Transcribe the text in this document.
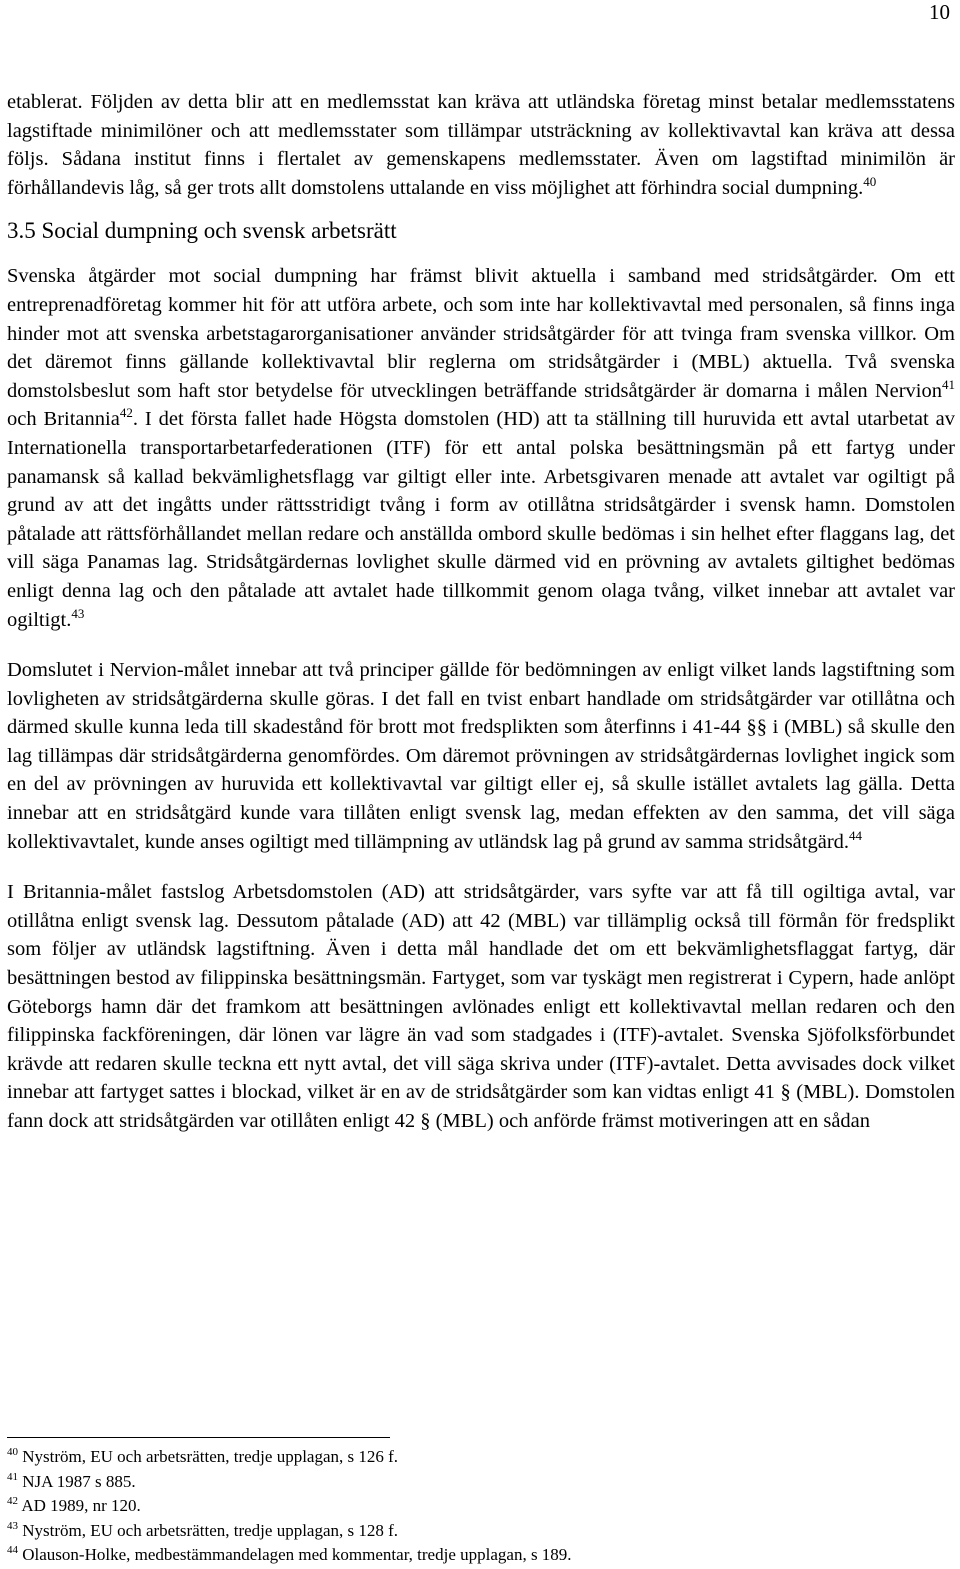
10

etablerat. Följden av detta blir att en medlemsstat kan kräva att utländska företag minst betalar medlemsstatens lagstiftade minimilöner och att medlemsstater som tillämpar utsträckning av kollektivavtal kan kräva att dessa följs. Sådana institut finns i flertalet av gemenskapens medlemsstater. Även om lagstiftad minimilön är förhållandevis låg, så ger trots allt domstolens uttalande en viss möjlighet att förhindra social dumpning.$^{40}$

3.5 Social dumpning och svensk arbetsrätt

Svenska åtgärder mot social dumpning har främst blivit aktuella i samband med stridsåtgärder. Om ett entreprenadföretag kommer hit för att utföra arbete, och som inte har kollektivavtal med personalen, så finns inga hinder mot att svenska arbetstagarorganisationer använder stridsåtgärder för att tvinga fram svenska villkor. Om det däremot finns gällande kollektivavtal blir reglerna om stridsåtgärder i (MBL) aktuella. Två svenska domstolsbeslut som haft stor betydelse för utvecklingen beträffande stridsåtgärder är domarna i målen Nervion$^{41}$ och Britannia$^{42}$. I det första fallet hade Högsta domstolen (HD) att ta ställning till huruvida ett avtal utarbetat av Internationella transportarbetarfederationen (ITF) för ett antal polska besättningsmän på ett fartyg under panamansk så kallad bekvämlighetsflagg var giltigt eller inte. Arbetsgivaren menade att avtalet var ogiltigt på grund av att det ingåtts under rättsstridigt tvång i form av otillåtna stridsåtgärder i svensk hamn. Domstolen påtalade att rättsförhållandet mellan redare och anställda ombord skulle bedömas i sin helhet efter flaggans lag, det vill säga Panamas lag. Stridsåtgärdernas lovlighet skulle därmed vid en prövning av avtalets giltighet bedömas enligt denna lag och den påtalade att avtalet hade tillkommit genom olaga tvång, vilket innebar att avtalet var ogiltigt.$^{43}$

Domslutet i Nervion-målet innebar att två principer gällde för bedömningen av enligt vilket lands lagstiftning som lovligheten av stridsåtgärderna skulle göras. I det fall en tvist enbart handlade om stridsåtgärder var otillåtna och därmed skulle kunna leda till skadestånd för brott mot fredsplikten som återfinns i 41-44 §§ i (MBL) så skulle den lag tillämpas där stridsåtgärderna genomfördes. Om däremot prövningen av stridsåtgärdernas lovlighet ingick som en del av prövningen av huruvida ett kollektivavtal var giltigt eller ej, så skulle istället avtalets lag gälla. Detta innebar att en stridsåtgärd kunde vara tillåten enligt svensk lag, medan effekten av den samma, det vill säga kollektivavtalet, kunde anses ogiltigt med tillämpning av utländsk lag på grund av samma stridsåtgärd.$^{44}$

I Britannia-målet fastslog Arbetsdomstolen (AD) att stridsåtgärder, vars syfte var att få till ogiltiga avtal, var otillåtna enligt svensk lag. Dessutom påtalade (AD) att 42 (MBL) var tillämplig också till förmån för fredsplikt som följer av utländsk lagstiftning. Även i detta mål handlade det om ett bekvämlighetsflaggat fartyg, där besättningen bestod av filippinska besättningsmän. Fartyget, som var tyskägt men registrerat i Cypern, hade anlöpt Göteborgs hamn där det framkom att besättningen avlönades enligt ett kollektivavtal mellan redaren och den filippinska fackföreningen, där lönen var lägre än vad som stadgades i (ITF)-avtalet. Svenska Sjöfolksförbundet krävde att redaren skulle teckna ett nytt avtal, det vill säga skriva under (ITF)-avtalet. Detta avvisades dock vilket innebar att fartyget sattes i blockad, vilket är en av de stridsåtgärder som kan vidtas enligt 41 § (MBL). Domstolen fann dock att stridsåtgärden var otillåten enligt 42 § (MBL) och anförde främst motiveringen att en sådan

$^{40}$ Nyström, EU och arbetsrätten, tredje upplagan, s 126 f.
$^{41}$ NJA 1987 s 885.
$^{42}$ AD 1989, nr 120.
$^{43}$ Nyström, EU och arbetsrätten, tredje upplagan, s 128 f.
$^{44}$ Olauson-Holke, medbestämmandelagen med kommentar, tredje upplagan, s 189.
